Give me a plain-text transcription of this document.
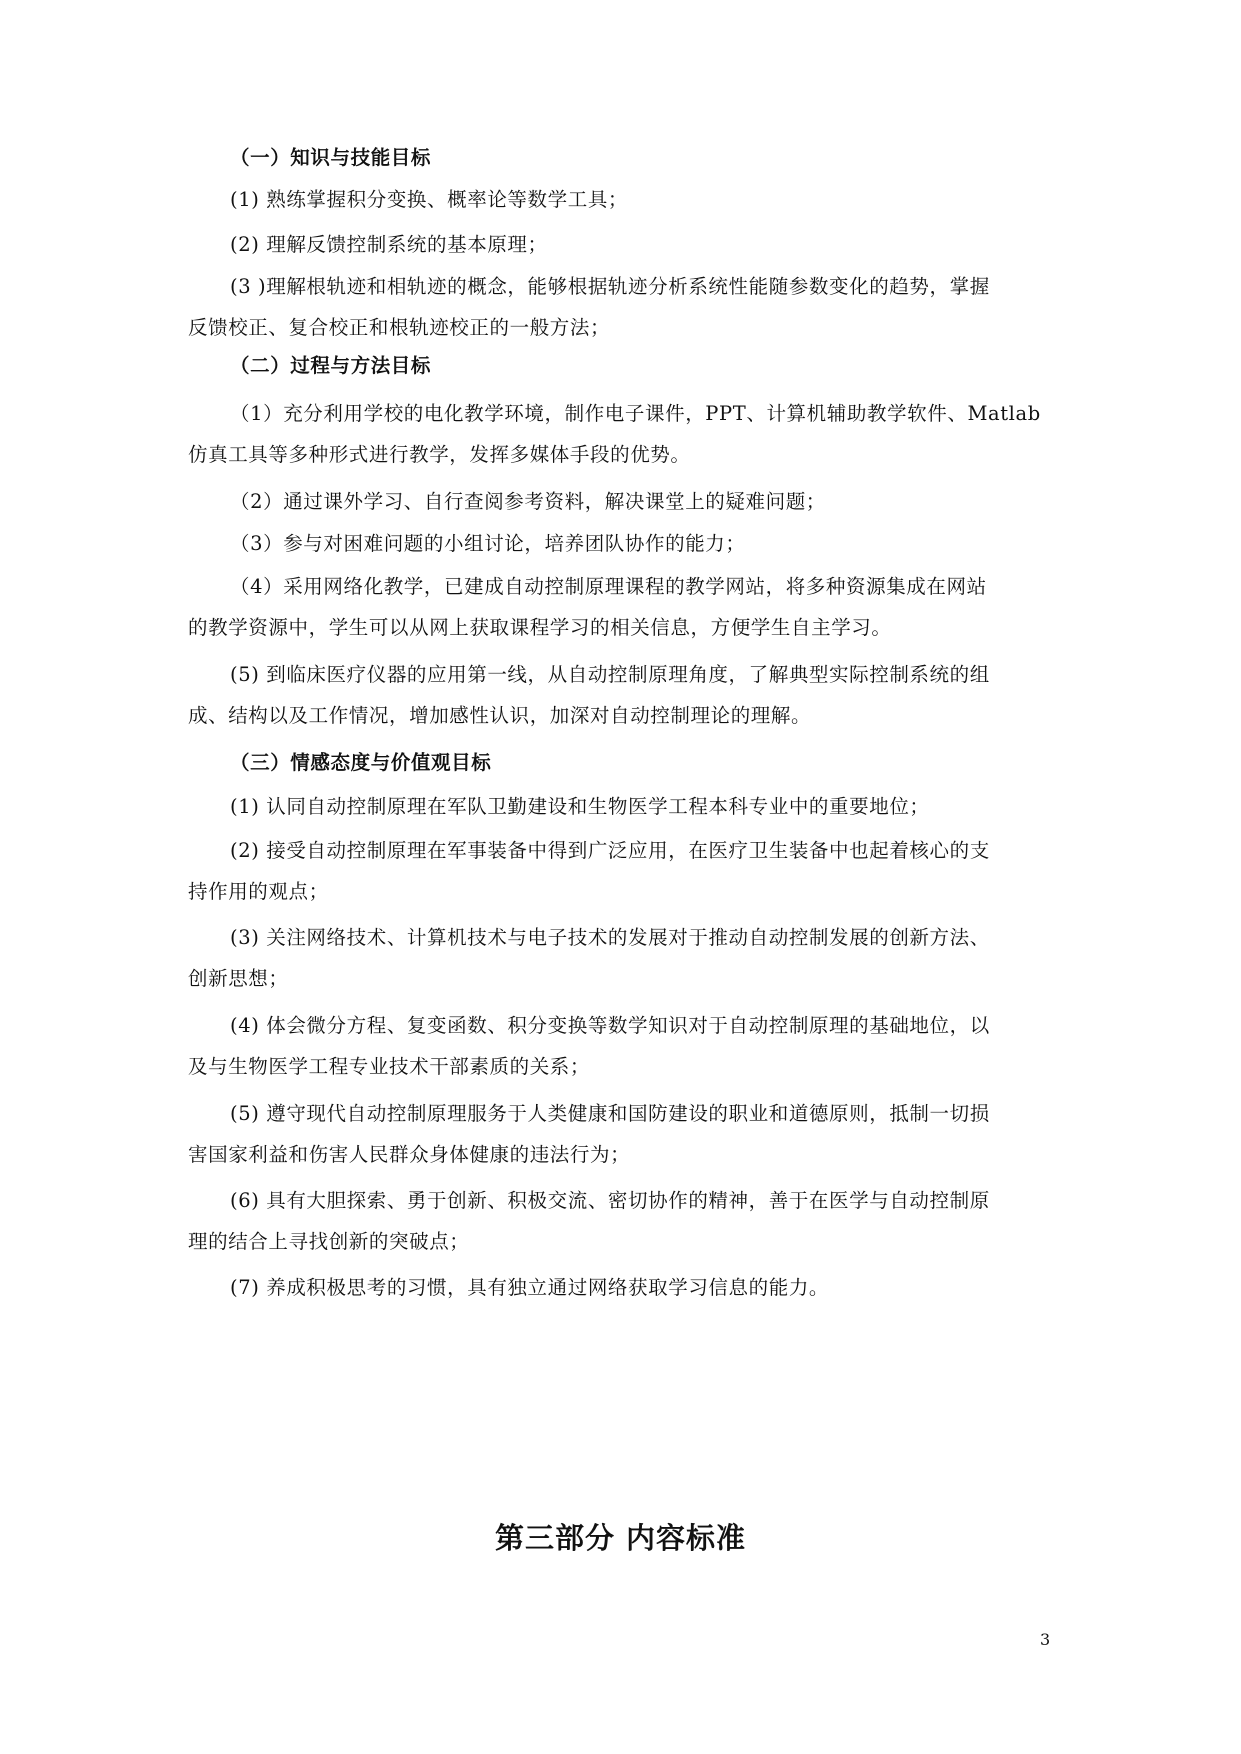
（一）知识与技能目标
(1) 熟练掌握积分变换、概率论等数学工具；
(2) 理解反馈控制系统的基本原理；
(3 )理解根轨迹和相轨迹的概念，能够根据轨迹分析系统性能随参数变化的趋势，掌握
反馈校正、复合校正和根轨迹校正的一般方法；
（二）过程与方法目标
（1）充分利用学校的电化教学环境，制作电子课件，PPT、计算机辅助教学软件、Matlab
仿真工具等多种形式进行教学，发挥多媒体手段的优势。
（2）通过课外学习、自行查阅参考资料，解决课堂上的疑难问题；
（3）参与对困难问题的小组讨论，培养团队协作的能力；
（4）采用网络化教学，已建成自动控制原理课程的教学网站，将多种资源集成在网站
的教学资源中，学生可以从网上获取课程学习的相关信息，方便学生自主学习。
(5) 到临床医疗仪器的应用第一线，从自动控制原理角度，了解典型实际控制系统的组
成、结构以及工作情况，增加感性认识，加深对自动控制理论的理解。
（三）情感态度与价值观目标
(1) 认同自动控制原理在军队卫勤建设和生物医学工程本科专业中的重要地位；
(2) 接受自动控制原理在军事装备中得到广泛应用，在医疗卫生装备中也起着核心的支
持作用的观点；
(3) 关注网络技术、计算机技术与电子技术的发展对于推动自动控制发展的创新方法、
创新思想；
(4) 体会微分方程、复变函数、积分变换等数学知识对于自动控制原理的基础地位，以
及与生物医学工程专业技术干部素质的关系；
(5) 遵守现代自动控制原理服务于人类健康和国防建设的职业和道德原则，抵制一切损
害国家利益和伤害人民群众身体健康的违法行为；
(6) 具有大胆探索、勇于创新、积极交流、密切协作的精神，善于在医学与自动控制原
理的结合上寻找创新的突破点；
(7) 养成积极思考的习惯，具有独立通过网络获取学习信息的能力。
第三部分 内容标准
3
